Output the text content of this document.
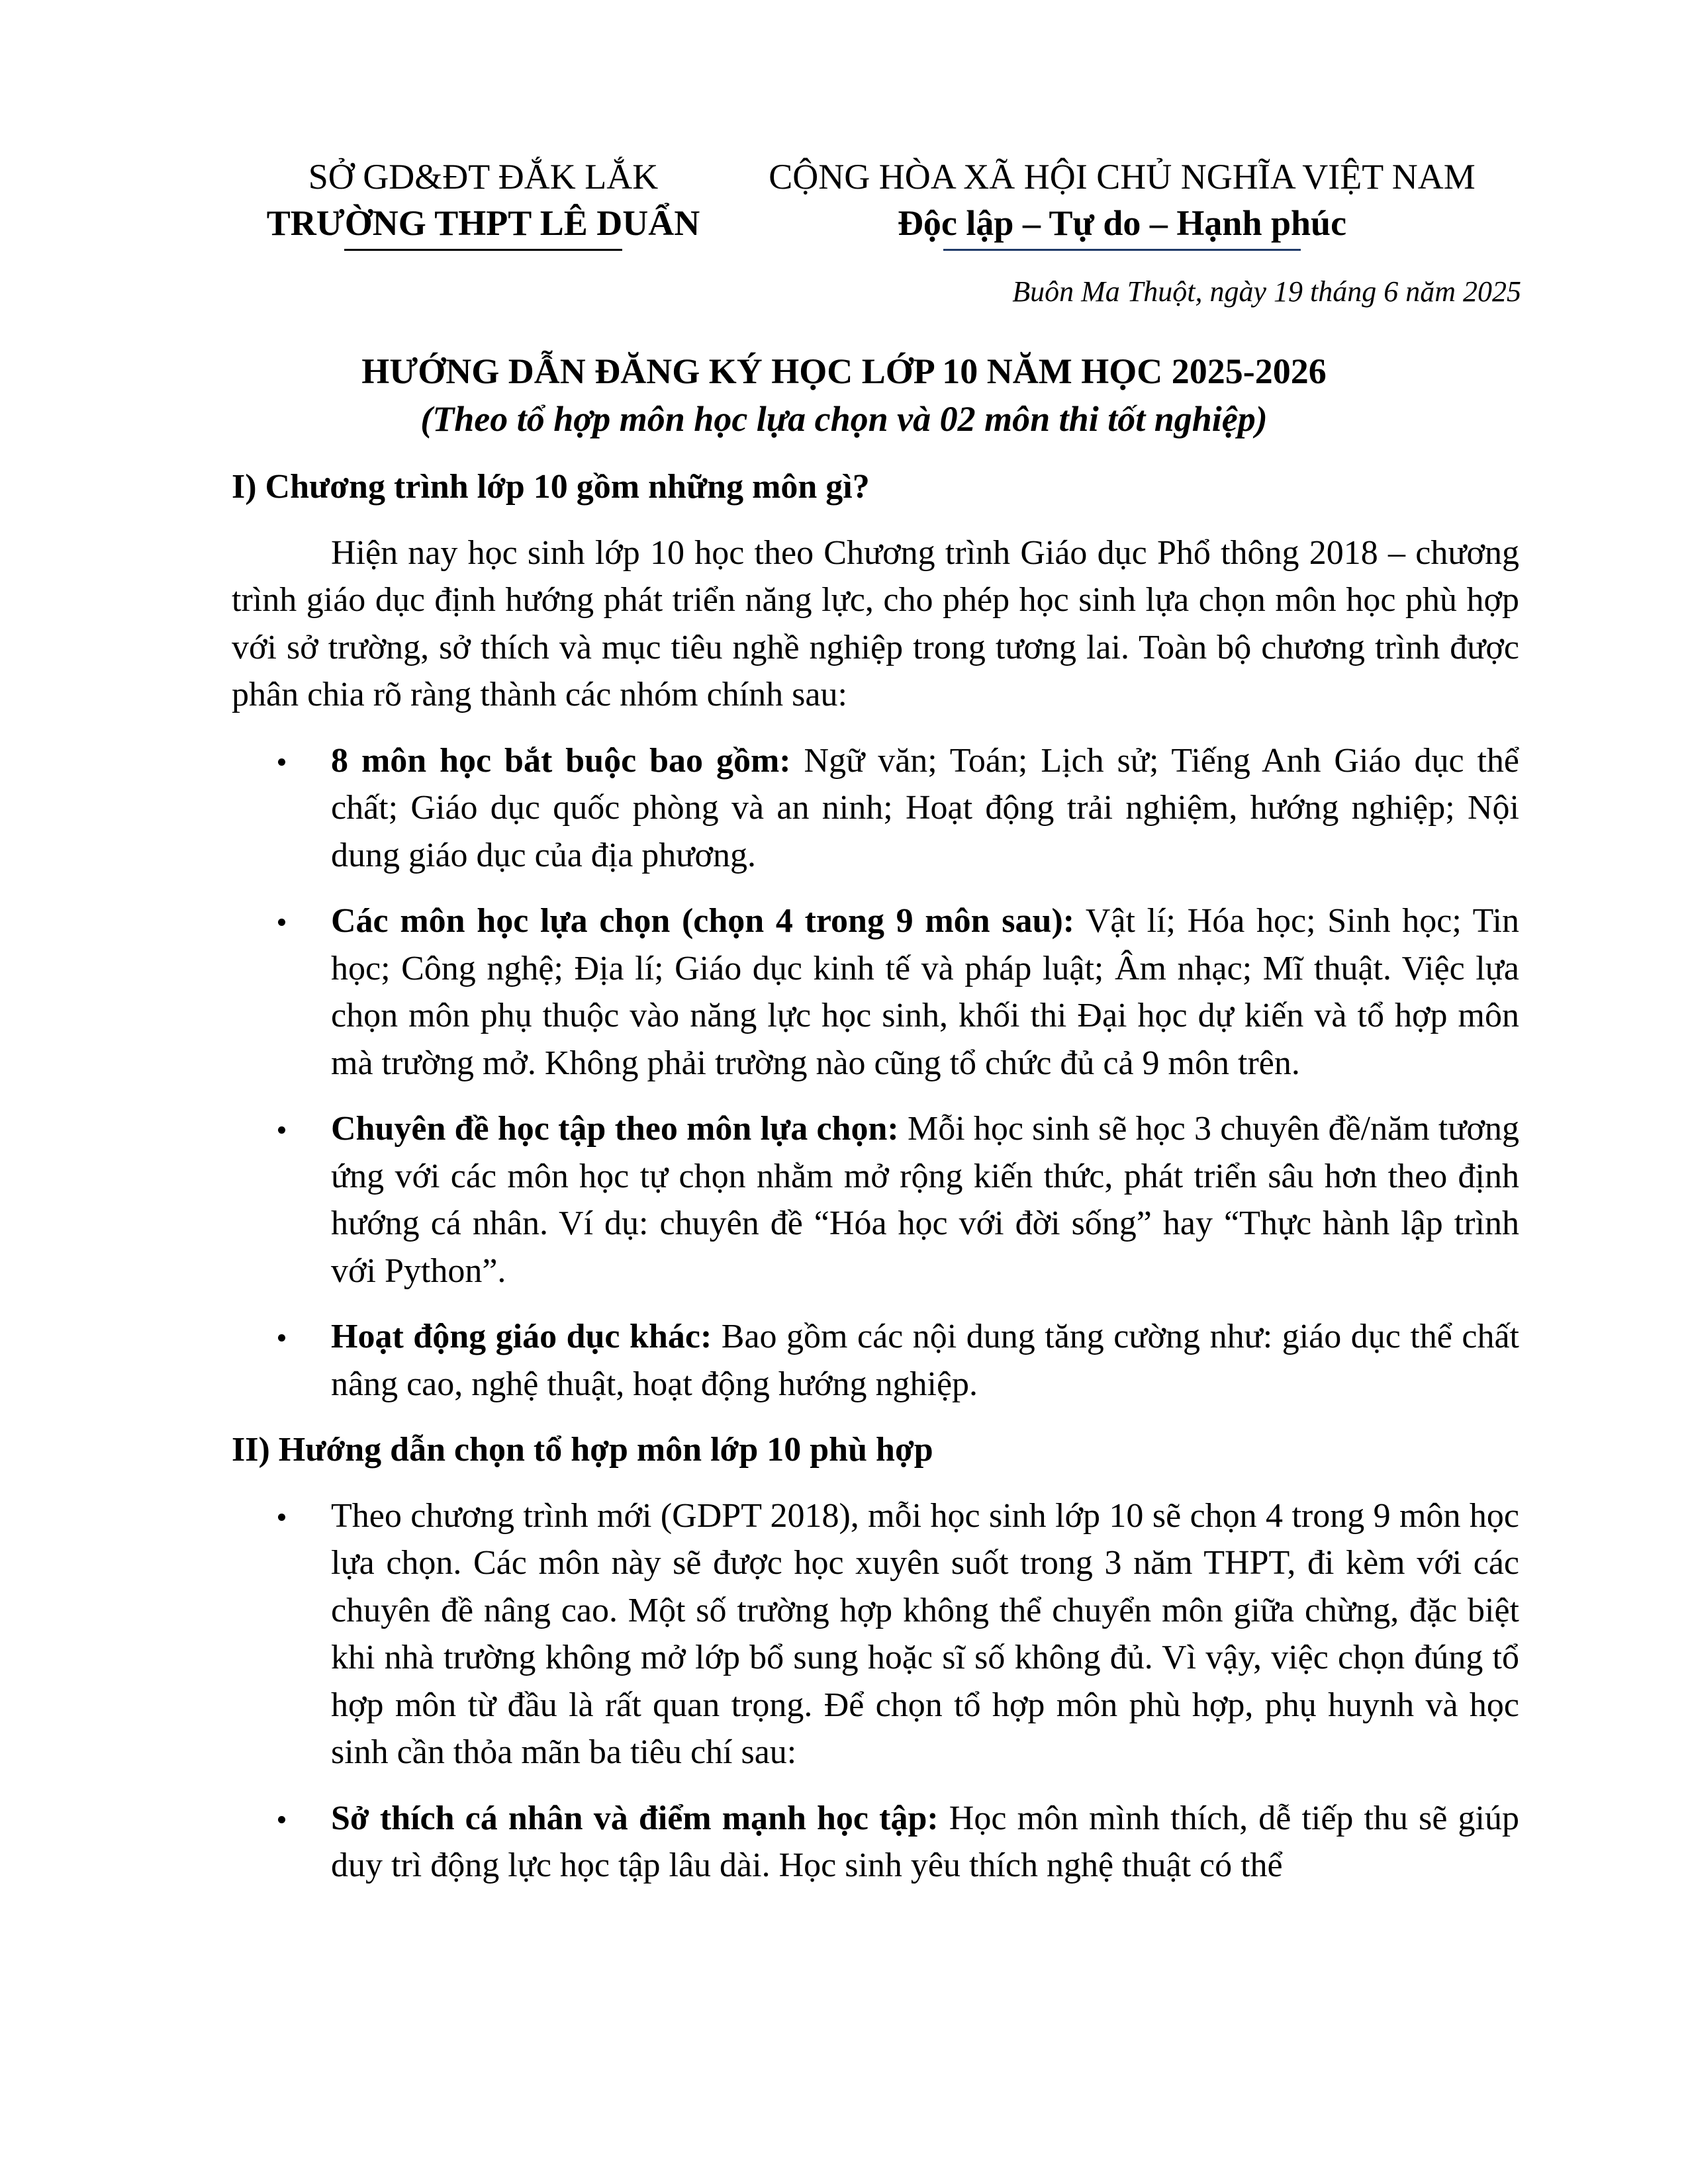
SỞ GD&ĐT ĐẮK LẮK
TRƯỜNG THPT LÊ DUẨN
CỘNG HÒA XÃ HỘI CHỦ NGHĨA VIỆT NAM
Độc lập – Tự do – Hạnh phúc
Buôn Ma Thuột, ngày 19 tháng 6 năm 2025
HƯỚNG DẪN ĐĂNG KÝ HỌC LỚP 10 NĂM HỌC 2025-2026
(Theo tổ hợp môn học lựa chọn và 02 môn thi tốt nghiệp)
I) Chương trình lớp 10 gồm những môn gì?

Hiện nay học sinh lớp 10 học theo Chương trình Giáo dục Phổ thông 2018 – chương trình giáo dục định hướng phát triển năng lực, cho phép học sinh lựa chọn môn học phù hợp với sở trường, sở thích và mục tiêu nghề nghiệp trong tương lai. Toàn bộ chương trình được phân chia rõ ràng thành các nhóm chính sau:

8 môn học bắt buộc bao gồm: Ngữ văn; Toán; Lịch sử; Tiếng Anh Giáo dục thể chất; Giáo dục quốc phòng và an ninh; Hoạt động trải nghiệm, hướng nghiệp; Nội dung giáo dục của địa phương.
Các môn học lựa chọn (chọn 4 trong 9 môn sau): Vật lí; Hóa học; Sinh học; Tin học; Công nghệ; Địa lí; Giáo dục kinh tế và pháp luật; Âm nhạc; Mĩ thuật. Việc lựa chọn môn phụ thuộc vào năng lực học sinh, khối thi Đại học dự kiến và tổ hợp môn mà trường mở. Không phải trường nào cũng tổ chức đủ cả 9 môn trên.
Chuyên đề học tập theo môn lựa chọn: Mỗi học sinh sẽ học 3 chuyên đề/năm tương ứng với các môn học tự chọn nhằm mở rộng kiến thức, phát triển sâu hơn theo định hướng cá nhân. Ví dụ: chuyên đề “Hóa học với đời sống” hay “Thực hành lập trình với Python”.
Hoạt động giáo dục khác: Bao gồm các nội dung tăng cường như: giáo dục thể chất nâng cao, nghệ thuật, hoạt động hướng nghiệp.
II) Hướng dẫn chọn tổ hợp môn lớp 10 phù hợp
Theo chương trình mới (GDPT 2018), mỗi học sinh lớp 10 sẽ chọn 4 trong 9 môn học lựa chọn. Các môn này sẽ được học xuyên suốt trong 3 năm THPT, đi kèm với các chuyên đề nâng cao. Một số trường hợp không thể chuyển môn giữa chừng, đặc biệt khi nhà trường không mở lớp bổ sung hoặc sĩ số không đủ. Vì vậy, việc chọn đúng tổ hợp môn từ đầu là rất quan trọng. Để chọn tổ hợp môn phù hợp, phụ huynh và học sinh cần thỏa mãn ba tiêu chí sau:
Sở thích cá nhân và điểm mạnh học tập: Học môn mình thích, dễ tiếp thu sẽ giúp duy trì động lực học tập lâu dài. Học sinh yêu thích nghệ thuật có thể
